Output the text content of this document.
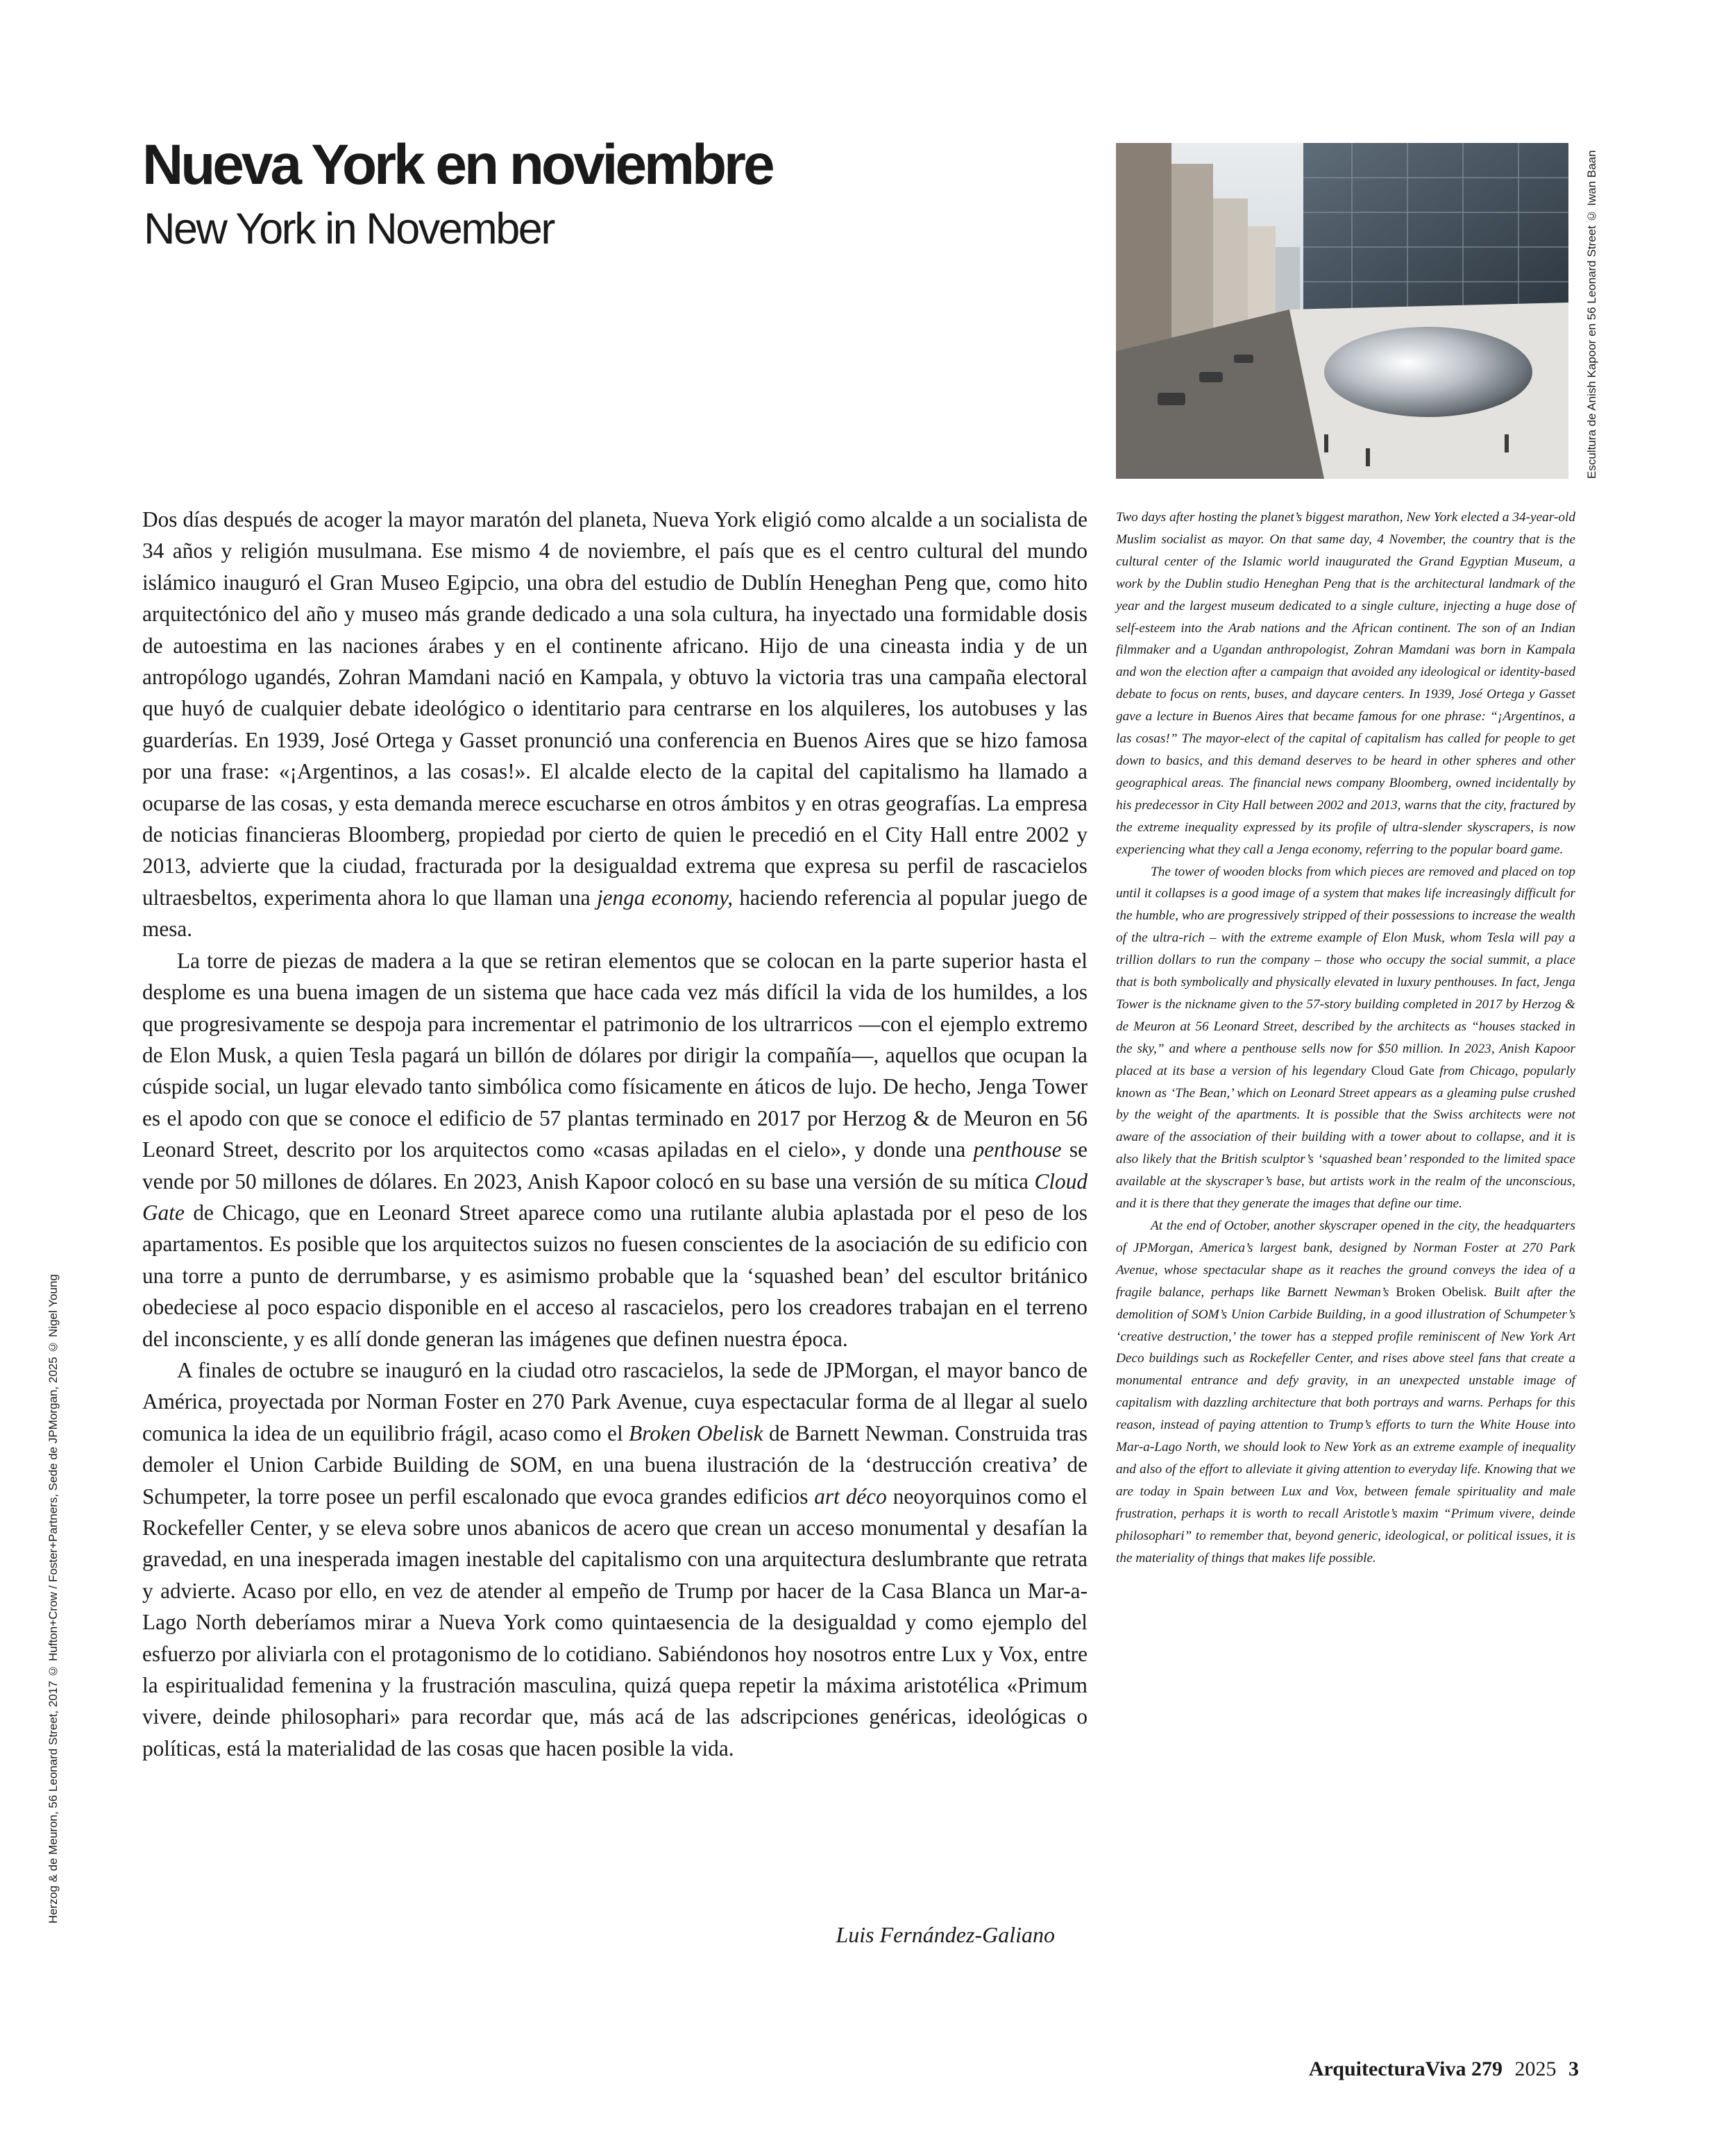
Nueva York en noviembre
New York in November	Escultura de Anish Kapoor en 56 Leonard Street © Iwan Baan
Herzog & de Meuron, 56 Leonard Street, 2017 © Hufton+Crow / Foster+Partners, Sede de JPMorgan, 2025 © Nigel Young

Dos días después de acoger la mayor maratón del planeta, Nueva York eligió como alcalde a un socialista de 34 años y religión musulmana. Ese mismo 4 de noviembre, el país que es el centro cultural del mundo islámico inauguró el Gran Museo Egipcio, una obra del estudio de Dublín Heneghan Peng que, como hito arquitectónico del año y museo más grande dedicado a una sola cultura, ha inyectado una formidable dosis de autoestima en las naciones árabes y en el continente africano. Hijo de una cineasta india y de un antropólogo ugandés, Zohran Mamdani nació en Kampala, y obtuvo la victoria tras una campaña electoral que huyó de cualquier debate ideológico o identitario para centrarse en los alquileres, los autobuses y las guarderías. En 1939, José Ortega y Gasset pronunció una conferencia en Buenos Aires que se hizo famosa por una frase: «¡Argentinos, a las cosas!». El alcalde electo de la capital del capitalismo ha llamado a ocuparse de las cosas, y esta demanda merece escucharse en otros ámbitos y en otras geografías. La empresa de noticias financieras Bloomberg, propiedad por cierto de quien le precedió en el City Hall entre 2002 y 2013, advierte que la ciudad, fracturada por la desigualdad extrema que expresa su perfil de rascacielos ultraesbeltos, experimenta ahora lo que llaman una jenga economy, haciendo referencia al popular juego de mesa.

La torre de piezas de madera a la que se retiran elementos que se colocan en la parte superior hasta el desplome es una buena imagen de un sistema que hace cada vez más difícil la vida de los humildes, a los que progresivamente se despoja para incrementar el patrimonio de los ultrarricos —con el ejemplo extremo de Elon Musk, a quien Tesla pagará un billón de dólares por dirigir la compañía—, aquellos que ocupan la cúspide social, un lugar elevado tanto simbólica como físicamente en áticos de lujo. De hecho, Jenga Tower es el apodo con que se conoce el edificio de 57 plantas terminado en 2017 por Herzog & de Meuron en 56 Leonard Street, descrito por los arquitectos como «casas apiladas en el cielo», y donde una penthouse se vende por 50 millones de dólares. En 2023, Anish Kapoor colocó en su base una versión de su mítica Cloud Gate de Chicago, que en Leonard Street aparece como una rutilante alubia aplastada por el peso de los apartamentos. Es posible que los arquitectos suizos no fuesen conscientes de la asociación de su edificio con una torre a punto de derrumbarse, y es asimismo probable que la ‘squashed bean’ del escultor británico obedeciese al poco espacio disponible en el acceso al rascacielos, pero los creadores trabajan en el terreno del inconsciente, y es allí donde generan las imágenes que definen nuestra época.

A finales de octubre se inauguró en la ciudad otro rascacielos, la sede de JPMorgan, el mayor banco de América, proyectada por Norman Foster en 270 Park Avenue, cuya espectacular forma de al llegar al suelo comunica la idea de un equilibrio frágil, acaso como el Broken Obelisk de Barnett Newman. Construida tras demoler el Union Carbide Building de SOM, en una buena ilustración de la ‘destrucción creativa’ de Schumpeter, la torre posee un perfil escalonado que evoca grandes edificios art déco neoyorquinos como el Rockefeller Center, y se eleva sobre unos abanicos de acero que crean un acceso monumental y desafían la gravedad, en una inesperada imagen inestable del capitalismo con una arquitectura deslumbrante que retrata y advierte. Acaso por ello, en vez de atender al empeño de Trump por hacer de la Casa Blanca un Mar-a-Lago North deberíamos mirar a Nueva York como quintaesencia de la desigualdad y como ejemplo del esfuerzo por aliviarla con el protagonismo de lo cotidiano. Sabiéndonos hoy nosotros entre Lux y Vox, entre la espiritualidad femenina y la frustración masculina, quizá quepa repetir la máxima aristotélica «Primum vivere, deinde philosophari» para recordar que, más acá de las adscripciones genéricas, ideológicas o políticas, está la materialidad de las cosas que hacen posible la vida.

Luis Fernández-Galiano

Two days after hosting the planet’s biggest marathon, New York elected a 34-year-old Muslim socialist as mayor. On that same day, 4 November, the country that is the cultural center of the Islamic world inaugurated the Grand Egyptian Museum, a work by the Dublin studio Heneghan Peng that is the architectural landmark of the year and the largest museum dedicated to a single culture, injecting a huge dose of self-esteem into the Arab nations and the African continent. The son of an Indian filmmaker and a Ugandan anthropologist, Zohran Mamdani was born in Kampala and won the election after a campaign that avoided any ideological or identity-based debate to focus on rents, buses, and daycare centers. In 1939, José Ortega y Gasset gave a lecture in Buenos Aires that became famous for one phrase: “¡Argentinos, a las cosas!” The mayor-elect of the capital of capitalism has called for people to get down to basics, and this demand deserves to be heard in other spheres and other geographical areas. The financial news company Bloomberg, owned incidentally by his predecessor in City Hall between 2002 and 2013, warns that the city, fractured by the extreme inequality expressed by its profile of ultra-slender skyscrapers, is now experiencing what they call a Jenga economy, referring to the popular board game.

The tower of wooden blocks from which pieces are removed and placed on top until it collapses is a good image of a system that makes life increasingly difficult for the humble, who are progressively stripped of their possessions to increase the wealth of the ultra-rich – with the extreme example of Elon Musk, whom Tesla will pay a trillion dollars to run the company – those who occupy the social summit, a place that is both symbolically and physically elevated in luxury penthouses. In fact, Jenga Tower is the nickname given to the 57-story building completed in 2017 by Herzog & de Meuron at 56 Leonard Street, described by the architects as “houses stacked in the sky,” and where a penthouse sells now for $50 million. In 2023, Anish Kapoor placed at its base a version of his legendary Cloud Gate from Chicago, popularly known as ‘The Bean,’ which on Leonard Street appears as a gleaming pulse crushed by the weight of the apartments. It is possible that the Swiss architects were not aware of the association of their building with a tower about to collapse, and it is also likely that the British sculptor’s ‘squashed bean’ responded to the limited space available at the skyscraper’s base, but artists work in the realm of the unconscious, and it is there that they generate the images that define our time.

At the end of October, another skyscraper opened in the city, the headquarters of JPMorgan, America’s largest bank, designed by Norman Foster at 270 Park Avenue, whose spectacular shape as it reaches the ground conveys the idea of a fragile balance, perhaps like Barnett Newman’s Broken Obelisk. Built after the demolition of SOM’s Union Carbide Building, in a good illustration of Schumpeter’s ‘creative destruction,’ the tower has a stepped profile reminiscent of New York Art Deco buildings such as Rockefeller Center, and rises above steel fans that create a monumental entrance and defy gravity, in an unexpected unstable image of capitalism with dazzling architecture that both portrays and warns. Perhaps for this reason, instead of paying attention to Trump’s efforts to turn the White House into Mar-a-Lago North, we should look to New York as an extreme example of inequality and also of the effort to alleviate it giving attention to everyday life. Knowing that we are today in Spain between Lux and Vox, between female spirituality and male frustration, perhaps it is worth to recall Aristotle’s maxim “Primum vivere, deinde philosophari” to remember that, beyond generic, ideological, or political issues, it is the materiality of things that makes life possible.

ArquitecturaViva 279 2025 3
